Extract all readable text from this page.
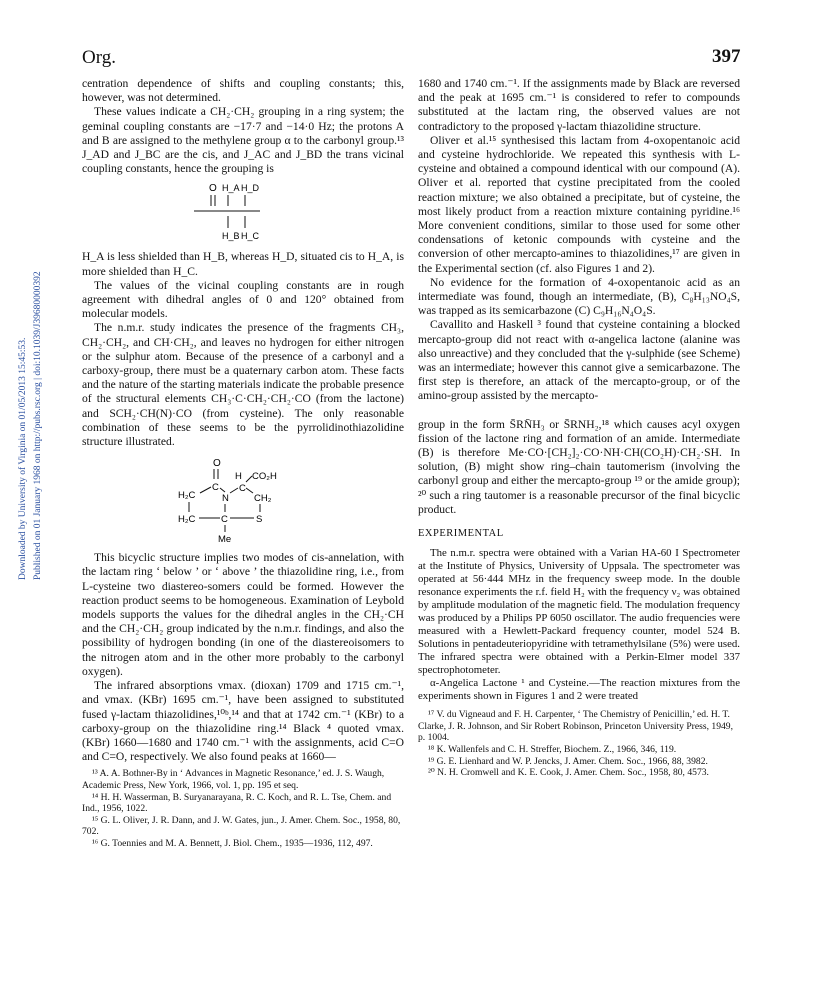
Org.	397
Downloaded by University of Virginia on 01/05/2013 15:45:53. Published on 01 January 1968 on http://pubs.rsc.org | doi:10.1039/J39680000392

centration dependence of shifts and coupling constants; this, however, was not determined.

These values indicate a CH₂·CH₂ grouping in a ring system; the geminal coupling constants are −17·7 and −14·0 Hz; the protons A and B are assigned to the methylene group α to the carbonyl group.¹³ J_AD and J_BC are the cis, and J_AC and J_BD the trans vicinal coupling constants, hence the grouping is

O H_A H_D
H_B H_C

H_A is less shielded than H_B, whereas H_D, situated cis to H_A, is more shielded than H_C.

The values of the vicinal coupling constants are in rough agreement with dihedral angles of 0 and 120° obtained from molecular models.

The n.m.r. study indicates the presence of the fragments CH₃, CH₂·CH₂, and CH·CH₂, and leaves no hydrogen for either nitrogen or the sulphur atom. Because of the presence of a carbonyl and a carboxy-group, there must be a quaternary carbon atom. These facts and the nature of the starting materials indicate the probable presence of the structural elements CH₃·C·CH₂·CH₂·CO (from the lactone) and SCH₂·CH(N)·CO (from cysteine). The only reasonable combination of these seems to be the pyrrolidinothiazolidine structure illustrated.

O
H CO₂H
H₂C
C
N
C
CH₂
H₂C	C	S
Me

This bicyclic structure implies two modes of cis-annelation, with the lactam ring ‘ below ’ or ‘ above ’ the thiazolidine ring, i.e., from L-cysteine two diastereo-somers could be formed. However the reaction product seems to be homogeneous. Examination of Leybold models supports the values for the dihedral angles in the CH₂·CH and the CH₂·CH₂ group indicated by the n.m.r. findings, and also the possibility of hydrogen bonding (in one of the diastereoisomers to the nitrogen atom and in the other more probably to the carbonyl oxygen).

The infrared absorptions νmax. (dioxan) 1709 and 1715 cm.⁻¹, and νmax. (KBr) 1695 cm.⁻¹, have been assigned to substituted fused γ-lactam thiazolidines,¹⁰ᵇ,¹⁴ and that at 1742 cm.⁻¹ (KBr) to a carboxy-group on the thiazolidine ring.¹⁴ Black ⁴ quoted νmax. (KBr) 1660—1680 and 1740 cm.⁻¹ with the assignments, acid C=O and C=O, respectively. We also found peaks at 1660—

¹³ A. A. Bothner-By in ‘ Advances in Magnetic Resonance,’ ed. J. S. Waugh, Academic Press, New York, 1966, vol. 1, pp. 195 et seq.

¹⁴ H. H. Wasserman, B. Suryanarayana, R. C. Koch, and R. L. Tse, Chem. and Ind., 1956, 1022.

¹⁵ G. L. Oliver, J. R. Dann, and J. W. Gates, jun., J. Amer. Chem. Soc., 1958, 80, 702.

¹⁶ G. Toennies and M. A. Bennett, J. Biol. Chem., 1935—1936, 112, 497.

1680 and 1740 cm.⁻¹. If the assignments made by Black are reversed and the peak at 1695 cm.⁻¹ is considered to refer to compounds substituted at the lactam ring, the observed values are not contradictory to the proposed γ-lactam thiazolidine structure.

Oliver et al.¹⁵ synthesised this lactam from 4-oxopentanoic acid and cysteine hydrochloride. We repeated this synthesis with L-cysteine and obtained a compound identical with our compound (A). Oliver et al. reported that cystine precipitated from the cooled reaction mixture; we also obtained a precipitate, but of cysteine, the most likely product from a reaction mixture containing pyridine.¹⁶ More convenient conditions, similar to those used for some other condensations of ketonic compounds with cysteine and the conversion of other mercapto-amines to thiazolidines,¹⁷ are given in the Experimental section (cf. also Figures 1 and 2).

No evidence for the formation of 4-oxopentanoic acid as an intermediate was found, though an intermediate, (B), C₈H₁₃NO₄S, was trapped as its semicarbazone (C) C₉H₁₆N₄O₄S.

Cavallito and Haskell ³ found that cysteine containing a blocked mercapto-group did not react with α-angelica lactone (alanine was also unreactive) and they concluded that the γ-sulphide (see Scheme) was an intermediate; however this cannot give a semicarbazone. The first step is therefore, an attack of the mercapto-group, or of the amino-group assisted by the mercapto-

group in the form S̄RN̄H₃ or S̄RNH₂,¹⁸ which causes acyl oxygen fission of the lactone ring and formation of an amide. Intermediate (B) is therefore Me·CO·[CH₂]₂·CO·NH·CH(CO₂H)·CH₂·SH. In solution, (B) might show ring–chain tautomerism (involving the carbonyl group and either the mercapto-group ¹⁹ or the amide group); ²⁰ such a ring tautomer is a reasonable precursor of the final bicyclic product.

EXPERIMENTAL

The n.m.r. spectra were obtained with a Varian HA-60 I Spectrometer at the Institute of Physics, University of Uppsala. The spectrometer was operated at 56·444 MHz in the frequency sweep mode. In the double resonance experiments the r.f. field H₂ with the frequency ν₂ was obtained by amplitude modulation of the magnetic field. The modulation frequency was produced by a Philips PP 6050 oscillator. The audio frequencies were measured with a Hewlett-Packard frequency counter, model 524 B. Solutions in pentadeuteriopyridine with tetramethylsilane (5%) were used. The infrared spectra were obtained with a Perkin-Elmer model 337 spectrophotometer.

α-Angelica Lactone ¹ and Cysteine.—The reaction mixtures from the experiments shown in Figures 1 and 2 were treated

¹⁷ V. du Vigneaud and F. H. Carpenter, ‘ The Chemistry of Penicillin,’ ed. H. T. Clarke, J. R. Johnson, and Sir Robert Robinson, Princeton University Press, 1949, p. 1004.

¹⁸ K. Wallenfels and C. H. Streffer, Biochem. Z., 1966, 346, 119.

¹⁹ G. E. Lienhard and W. P. Jencks, J. Amer. Chem. Soc., 1966, 88, 3982.

²⁰ N. H. Cromwell and K. E. Cook, J. Amer. Chem. Soc., 1958, 80, 4573.
